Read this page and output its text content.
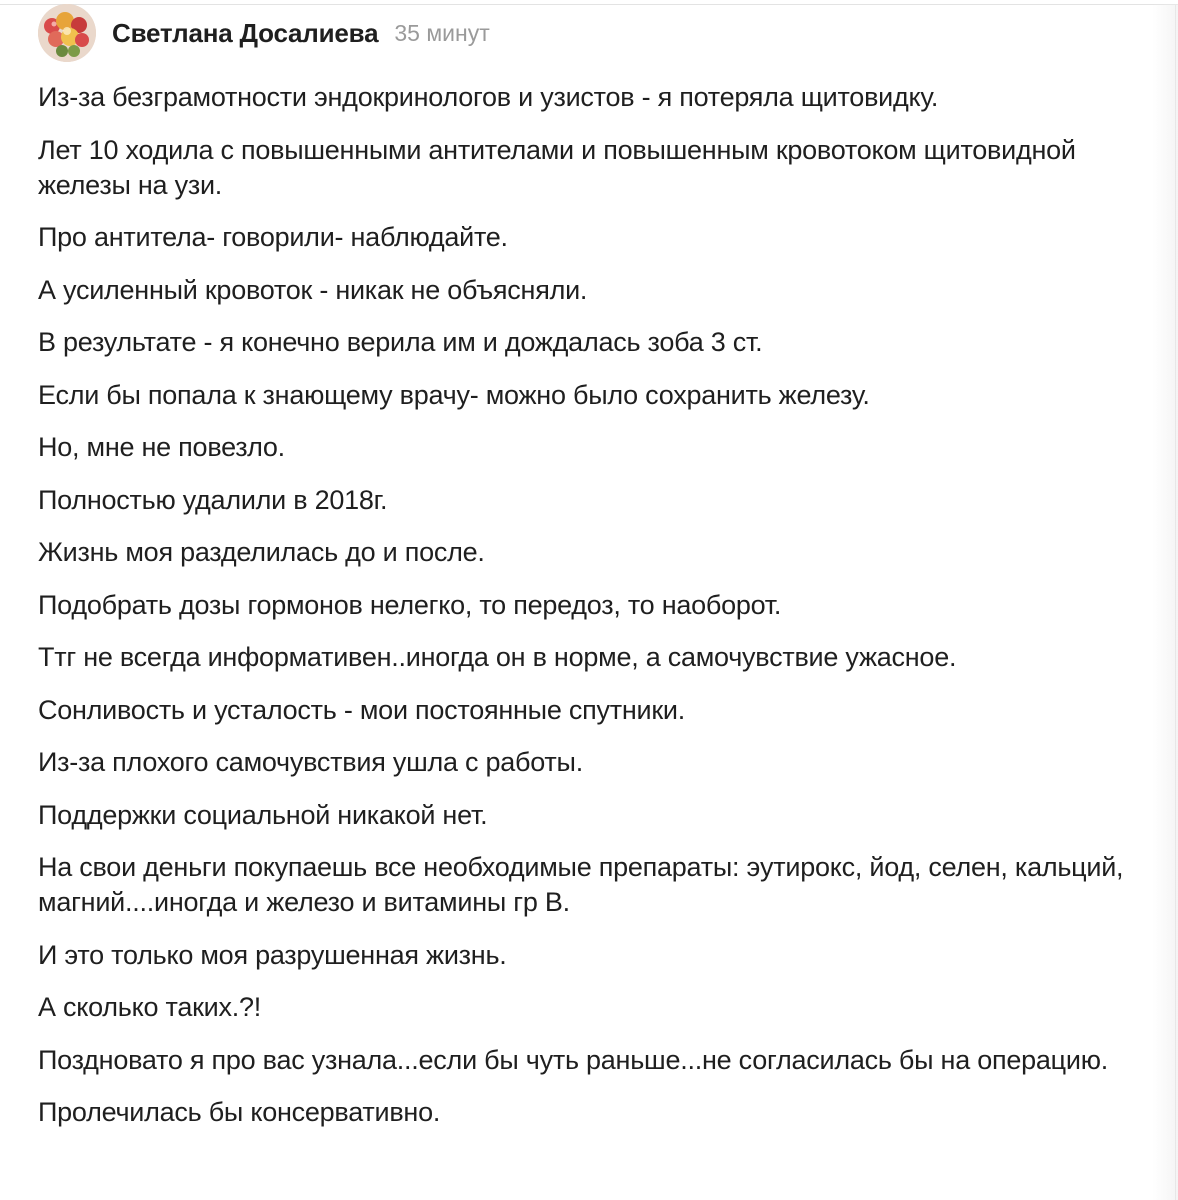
Светлана Досалиева 35 минут

Из-за безграмотности эндокринологов и узистов - я потеряла щитовидку.

Лет 10 ходила с повышенными антителами и повышенным кровотоком щитовидной железы на узи.

Про антитела- говорили- наблюдайте.

А усиленный кровоток - никак не объясняли.

В результате - я конечно верила им и дождалась зоба 3 ст.

Если бы попала к знающему врачу- можно было сохранить железу.

Но, мне не повезло.

Полностью удалили в 2018г.

Жизнь моя разделилась до и после.

Подобрать дозы гормонов нелегко, то передоз, то наоборот.

Ттг не всегда информативен..иногда он в норме, а самочувствие ужасное.

Сонливость и усталость - мои постоянные спутники.

Из-за плохого самочувствия ушла с работы.

Поддержки социальной никакой нет.

На свои деньги покупаешь все необходимые препараты: эутирокс, йод, селен, кальций, магний....иногда и железо и витамины гр В.

И это только моя разрушенная жизнь.

А сколько таких.?!

Поздновато я про вас узнала...если бы чуть раньше...не согласилась бы на операцию.

Пролечилась бы консервативно.
